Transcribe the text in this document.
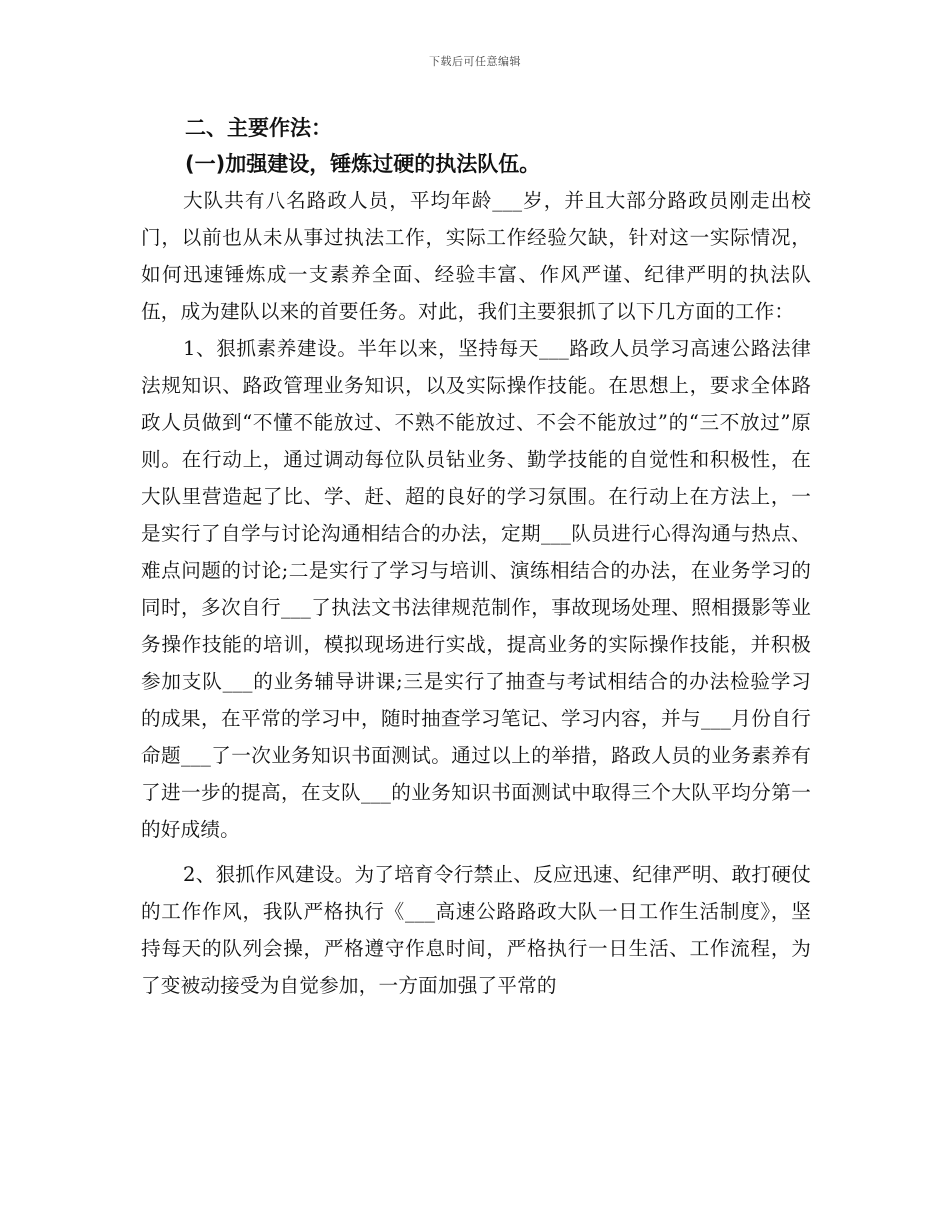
下载后可任意编辑

二、主要作法：

(一)加强建设，锤炼过硬的执法队伍。

大队共有八名路政人员，平均年龄___岁，并且大部分路政员刚走出校门，以前也从未从事过执法工作，实际工作经验欠缺，针对这一实际情况，如何迅速锤炼成一支素养全面、经验丰富、作风严谨、纪律严明的执法队伍，成为建队以来的首要任务。对此，我们主要狠抓了以下几方面的工作：

1、狠抓素养建设。半年以来，坚持每天___路政人员学习高速公路法律法规知识、路政管理业务知识，以及实际操作技能。在思想上，要求全体路政人员做到“不懂不能放过、不熟不能放过、不会不能放过”的“三不放过”原则。在行动上，通过调动每位队员钻业务、勤学技能的自觉性和积极性，在大队里营造起了比、学、赶、超的良好的学习氛围。在行动上在方法上，一是实行了自学与讨论沟通相结合的办法，定期___队员进行心得沟通与热点、难点问题的讨论;二是实行了学习与培训、演练相结合的办法，在业务学习的同时，多次自行___了执法文书法律规范制作，事故现场处理、照相摄影等业务操作技能的培训，模拟现场进行实战，提高业务的实际操作技能，并积极参加支队___的业务辅导讲课;三是实行了抽查与考试相结合的办法检验学习的成果，在平常的学习中，随时抽查学习笔记、学习内容，并与___月份自行命题___了一次业务知识书面测试。通过以上的举措，路政人员的业务素养有了进一步的提高，在支队___的业务知识书面测试中取得三个大队平均分第一的好成绩。

2、狠抓作风建设。为了培育令行禁止、反应迅速、纪律严明、敢打硬仗的工作作风，我队严格执行《___高速公路路政大队一日工作生活制度》，坚持每天的队列会操，严格遵守作息时间，严格执行一日生活、工作流程，为了变被动接受为自觉参加，一方面加强了平常的
